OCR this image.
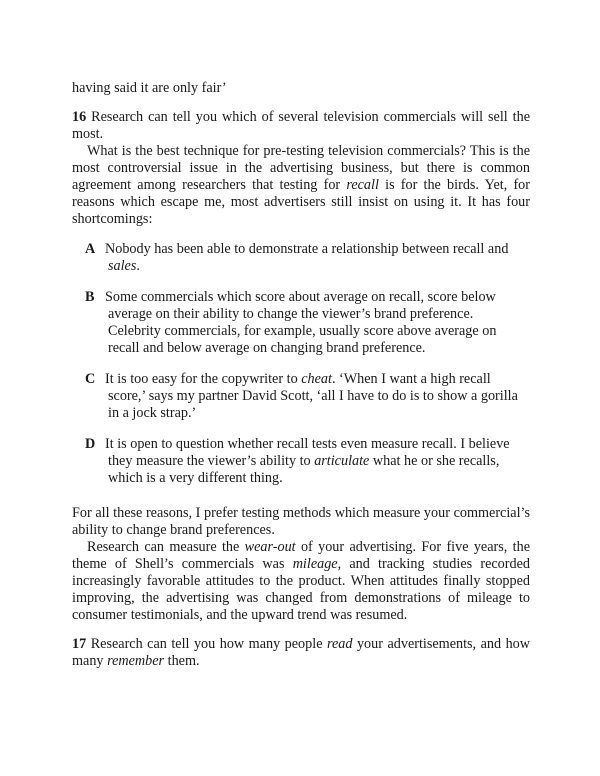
having said it are only fair’

16 Research can tell you which of several television commercials will sell the most.

What is the best technique for pre-testing television commercials? This is the most controversial issue in the advertising business, but there is common agreement among researchers that testing for recall is for the birds. Yet, for reasons which escape me, most advertisers still insist on using it. It has four shortcomings:

A Nobody has been able to demonstrate a relationship between recall and sales.
B Some commercials which score about average on recall, score below average on their ability to change the viewer’s brand preference. Celebrity commercials, for example, usually score above average on recall and below average on changing brand preference.
C It is too easy for the copywriter to cheat. ‘When I want a high recall score,’ says my partner David Scott, ‘all I have to do is to show a gorilla in a jock strap.’
D It is open to question whether recall tests even measure recall. I believe they measure the viewer’s ability to articulate what he or she recalls, which is a very different thing.

For all these reasons, I prefer testing methods which measure your commercial’s ability to change brand preferences.

Research can measure the wear-out of your advertising. For five years, the theme of Shell’s commercials was mileage, and tracking studies recorded increasingly favorable attitudes to the product. When attitudes finally stopped improving, the advertising was changed from demonstrations of mileage to consumer testimonials, and the upward trend was resumed.

17 Research can tell you how many people read your advertisements, and how many remember them.
